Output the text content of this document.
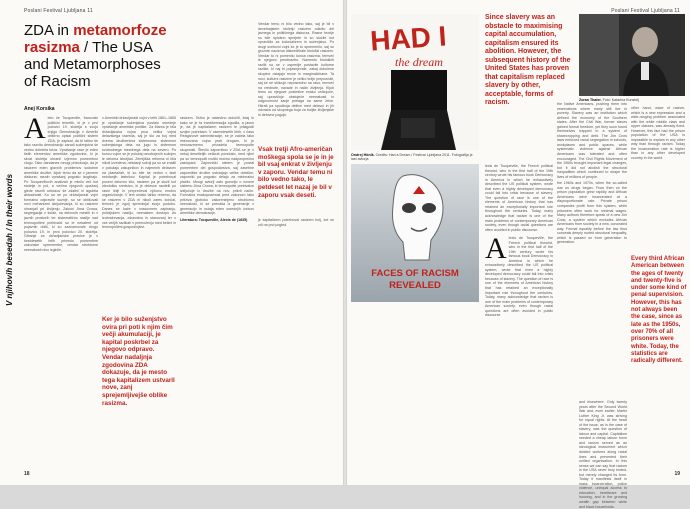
Poslani Festival Ljubljana 11
V njihovih besedah / In their words
ZDA in metamorfoze rasizma / The USA and Metamorphoses of Racism
Anej Korsika
A leto že Tocqueville, francoski politični teoretik, ki je v prvi polovici 19. stoletja s svojo knjigo Demokracija v Ameriki obširno opisal politični sistem ZDA, je zapisal, da bi lahko še tako razvito demokracijo zaradi suženjstva še vedno doletela kriza. Vprašanje rase je eden tistih elementov ameriške zgodovine, ki je skozi stoletja ohranil izjemno pomembno vlogo. Tako dandanes mnogi priznavajo, da je rasizem eden glavnih problemov sodobne ameriške družbe, kljub temu da se v javnem diskurzu rasnih vprašanj pogosto izogibajo. Po Tocquevillovih analizah je minilo več kot stoletje in pol, a večina njegovih opažanj glede rasnih odnosov še zdaleč ni izgubila aktualnosti. Ko so se po državljanski vojni formalno odpravile sužnje, so se oblikovali novi mehanizmi izključevanja, ki so rasizem ohranjali pri življenju. Zakoni Jima Crowa, segregacija v šolah, na delovnih mestih in v javnih prostorih ter sistematično nasilje nad temnopoltimi prebivalci so le nekatere od pojavnih oblik, ki so zaznamovale drugo polovico 19. in prvo polovico 20. stoletja. Gibanje za državljanske pravice je v šestdesetih letih prineslo pomembne zakonske spremembe, vendar strukturne neenakosti niso izginile.

v Ameriški državljanski vojni v letih 1861–1865 je vprašanje suženjstva postalo osrednje vprašanje ameriške politike. Za Marxa je bila državljanska vojna prva velika vojna delavskega razreda, saj je šlo za boj med dvema družbenima sistemoma: sistemom suženjskega dela na jugu in sistemom svobodnega mezdnega dela na severu. Po koncu vojne se je položaj osvobojenih sužnjev le deloma izboljšal. Zemljiška reforma ni bila nikoli izvedena, nekdanji sužnji pa so se znašli v položaju zakupnikov in najemnih delavcev na plantažah, ki so bile še vedno v lasti nekdanjih lastnikov. Kapital je potreboval poceni delovno silo, rasizem pa je služil kot ideološko sredstvo, ki je delavce razdelil po rasni liniji in preprečeval njihovo enotno organiziranje. V tem smislu lahko rečemo, da se rasizem v ZDA ni nikoli zares končal, temveč je zgolj spreminjal svojo podobo. Danes se kaže v masovnem zapiranju, policijskem nasilju, neenakem dostopu do izobraževanja, zdravstva in stanovanj ter v vse večjih razlikah v premoženju med belimi in temnopoltimi gospodinjstvi.

Ker je bilo suženjstvo ovira pri poti k njim čim večji akumulaciji, je kapital poskrbel za njegovo odpravo. Vendar nadaljnja zgodovina ZDA dokazuje, da je mesto tega kapitalizem ustvaril nove, zanj sprejemljivejše oblike rasizma.

rasizem. Težko je natančno določiti, kdaj in kako se je ta transformacija zgodila, a jasno je, da je kapitalizem rasizem le prilagodil svojim potrebam. V osemdesetih letih, v času Reaganove administracije, se je začela tako imenovana vojna proti drogam, ki je nesorazmerno prizadela temnopolte skupnosti. Število zapornikov v ZDA se je v nekaj desetletjih večkrat povečalo, med njimi pa so temnopolti moški močno nadpovprečno zastopani. Zaporniški sistem je postal pomemben del gospodarstva, saj zasebne zaporniške družbe ustvarjajo velike dobičke, zaporniki pa pogosto delajo za minimalno plačilo. Mnogi avtorji zato govorijo o novem sistemu Jima Crowa, ki temnopolte prebivalce izključuje iz družbe na nov, prikrit način. Formalna enakopravnost pred zakonom tako prikriva globoko zakoreninjeno strukturno neenakost, ki se prenaša iz generacije v generacijo in ostaja eden osrednjih izzivov ameriške demokracije.

Literatura: Tocqueville, Alexis de (1835)

Vendar temu ni bilo vedno tako, saj je bil v devetnajstem stoletju rasizem odkrito del javnega in političnega diskurza. Rasne teorije so bile splošno sprejete in so služile kot opravičilo za kolonializem in suženjstvo. Po drugi svetovni vojni se je to spremenilo, saj so grozote nacizma diskreditirale biološki rasizem. Vendar to ni pomenilo konca rasizma, temveč le njegovo preobrazbo. Namesto bioloških razlik so se v ospredje postavile kulturne razlike, ki naj bi pojasnjevale, zakaj določene skupine ostajajo revne in marginalizirane. Ta novi, kulturni rasizem je veliko težje prepoznati, saj se ne sklicuje neposredno na raso, temveč na vrednote, navade in način življenja. Kljub temu so njegove posledice enako uničujoče, saj upravičuje obstoječe neenakosti in odgovornost zanje prelaga na same žrtve. Hkrati pa spodbuja delitve med delavci in jih odvrača od skupnega boja za boljše življenjske in delovne pogoje.

Vsak tretji Afro-američan moškega spola se je in je bil vsaj enkrat v življenju v zaporu. Vendar temu ni bilo vedno tako, le petdeset let nazaj je bil v zaporu vsak deseti.

je kapitalizem potreboval rasizem bolj, kot se zdi na prvi pogled.

18
Poslani Festival Ljubljana 11
HAD I
the dream
Ondrej Hönik. Credits: Had a Dream / Festival Ljubljana 2011. Fotografija je last avtorja.
FACES OF RACISM
REVEALED
Since slavery was an obstacle to maximising capital accumulation, capitalism ensured its abolition. However, the subsequent history of the United States has proven that capitalism replaced slavery by other, acceptable, forms of racism.

lexis de Tocqueville, the French political theorist, who in the first half of the 19th century wrote his famous book Democracy in America in which he exhaustively described the US political system, wrote that even a highly developed democracy could fall into crisis because of slavery. The question of race is one of the elements of American history that has retained an exceptionally important role throughout the centuries. Today, many acknowledge that racism is one of the main problems of contemporary American society, even though racial questions are often avoided in public discourse.

A lexis de Tocqueville, the French political theorist, who in the first half of the 19th century wrote his famous book Democracy in America in which he exhaustively described the US political system, wrote that even a highly developed democracy could fall into crisis because of slavery. The question of race is one of the elements of American history that has retained an exceptionally important role throughout the centuries. Today, many acknowledge that racism is one of the main problems of contemporary American society, even though racial questions are often avoided in public discourse.

the Native Americans, pushing them into reservations where many still live in poverty. Slavery was an institution which defined the economy of the Southern states. After the Civil War, former slaves gained formal freedom, yet they soon found themselves trapped in a system of sharecropping and debt. The Jim Crow laws enforced racial segregation in schools, workplaces and public spaces, while systematic violence against African Americans was tolerated and often encouraged. The Civil Rights Movement of the 1960s brought important legal changes, but it did not abolish the structural inequalities which continued to shape the lives of millions of people.

the 1960s and 1970s, when the so-called war on drugs began. From then on the prison population grew rapidly and African Americans were incarcerated at a disproportionate rate. Private prison companies profit from this system, while prisoners often work for minimal wages. Many authors therefore speak of a new Jim Crow, a system which excludes African Americans from society in a new, concealed way. Formal equality before the law thus conceals deeply rooted structural inequality, which is passed on from generation to generation.

Zoran Thaler. Foto: Katarina Kunstelj

other hand, wave of racism, which is a new expression and a wide-ranging problem associated with the white middle class and upper classes, was already fixed. However, this fact had the prison population of the USA is impossible to explain in any other way than through racism. Today the incarceration rate is higher than in any other developed country in the world.

Every third African American between the ages of twenty and twenty-five is under some kind of penal supervision. However, this has not always been the case, since as late as the 1950s, over 70% of all prisoners were white. Today, the statistics are radically different.

and elsewhere. Only twenty years after the Second World War and, even earlier, Martin Luther King Jr. was striving for equal rights. At the heart of the issue, as in the case of slavery, was the question of labour and capital. Capitalism needed a cheap labour force and racism served as an ideological instrument which divided workers along racial lines and prevented their unified organisation. In this sense we can say that racism in the USA never truly ended, but merely changed its form. Today it manifests itself in mass incarceration, police violence, unequal access to education, healthcare and housing, and in the growing wealth gap between white and black households.

19
